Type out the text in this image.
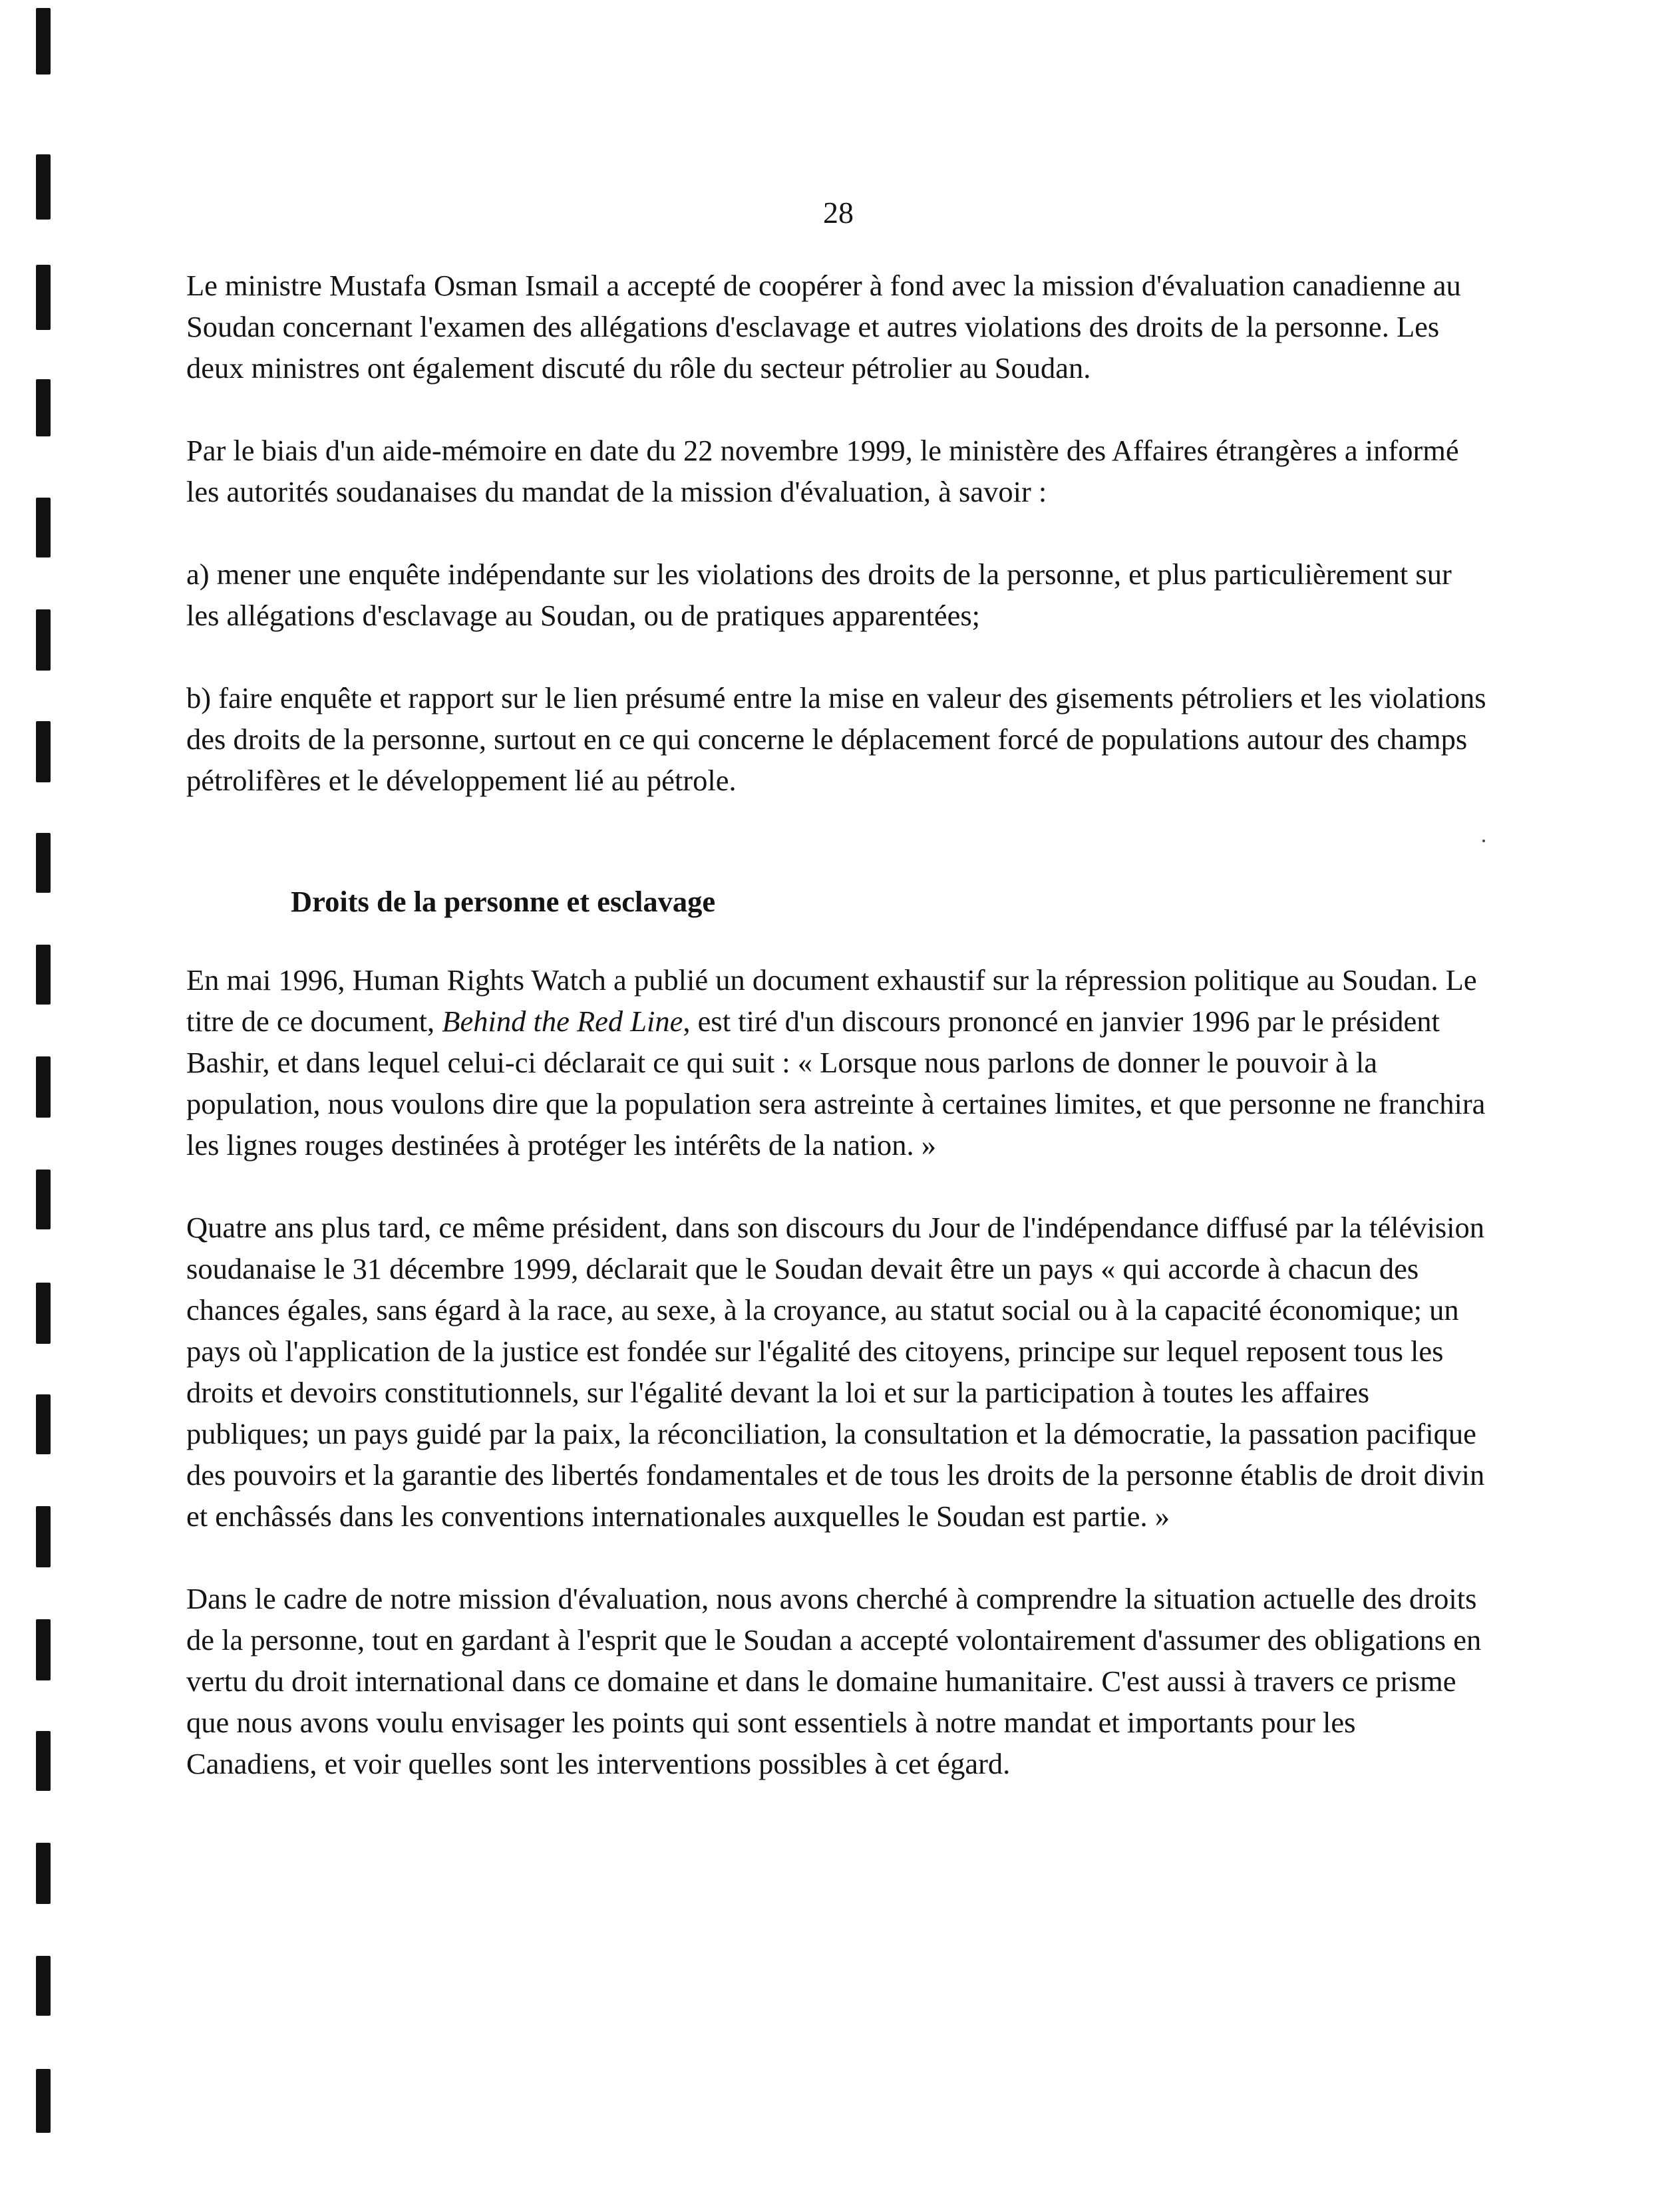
28

Le ministre Mustafa Osman Ismail a accepté de coopérer à fond avec la mission d'évaluation canadienne au Soudan concernant l'examen des allégations d'esclavage et autres violations des droits de la personne. Les deux ministres ont également discuté du rôle du secteur pétrolier au Soudan.

Par le biais d'un aide-mémoire en date du 22 novembre 1999, le ministère des Affaires étrangères a informé les autorités soudanaises du mandat de la mission d'évaluation, à savoir :

a) mener une enquête indépendante sur les violations des droits de la personne, et plus particulièrement sur les allégations d'esclavage au Soudan, ou de pratiques apparentées;

b) faire enquête et rapport sur le lien présumé entre la mise en valeur des gisements pétroliers et les violations des droits de la personne, surtout en ce qui concerne le déplacement forcé de populations autour des champs pétrolifères et le développement lié au pétrole.

Droits de la personne et esclavage

En mai 1996, Human Rights Watch a publié un document exhaustif sur la répression politique au Soudan. Le titre de ce document, Behind the Red Line, est tiré d'un discours prononcé en janvier 1996 par le président Bashir, et dans lequel celui-ci déclarait ce qui suit : « Lorsque nous parlons de donner le pouvoir à la population, nous voulons dire que la population sera astreinte à certaines limites, et que personne ne franchira les lignes rouges destinées à protéger les intérêts de la nation. »

Quatre ans plus tard, ce même président, dans son discours du Jour de l'indépendance diffusé par la télévision soudanaise le 31 décembre 1999, déclarait que le Soudan devait être un pays « qui accorde à chacun des chances égales, sans égard à la race, au sexe, à la croyance, au statut social ou à la capacité économique; un pays où l'application de la justice est fondée sur l'égalité des citoyens, principe sur lequel reposent tous les droits et devoirs constitutionnels, sur l'égalité devant la loi et sur la participation à toutes les affaires publiques; un pays guidé par la paix, la réconciliation, la consultation et la démocratie, la passation pacifique des pouvoirs et la garantie des libertés fondamentales et de tous les droits de la personne établis de droit divin et enchâssés dans les conventions internationales auxquelles le Soudan est partie. »

Dans le cadre de notre mission d'évaluation, nous avons cherché à comprendre la situation actuelle des droits de la personne, tout en gardant à l'esprit que le Soudan a accepté volontairement d'assumer des obligations en vertu du droit international dans ce domaine et dans le domaine humanitaire. C'est aussi à travers ce prisme que nous avons voulu envisager les points qui sont essentiels à notre mandat et importants pour les Canadiens, et voir quelles sont les interventions possibles à cet égard.
